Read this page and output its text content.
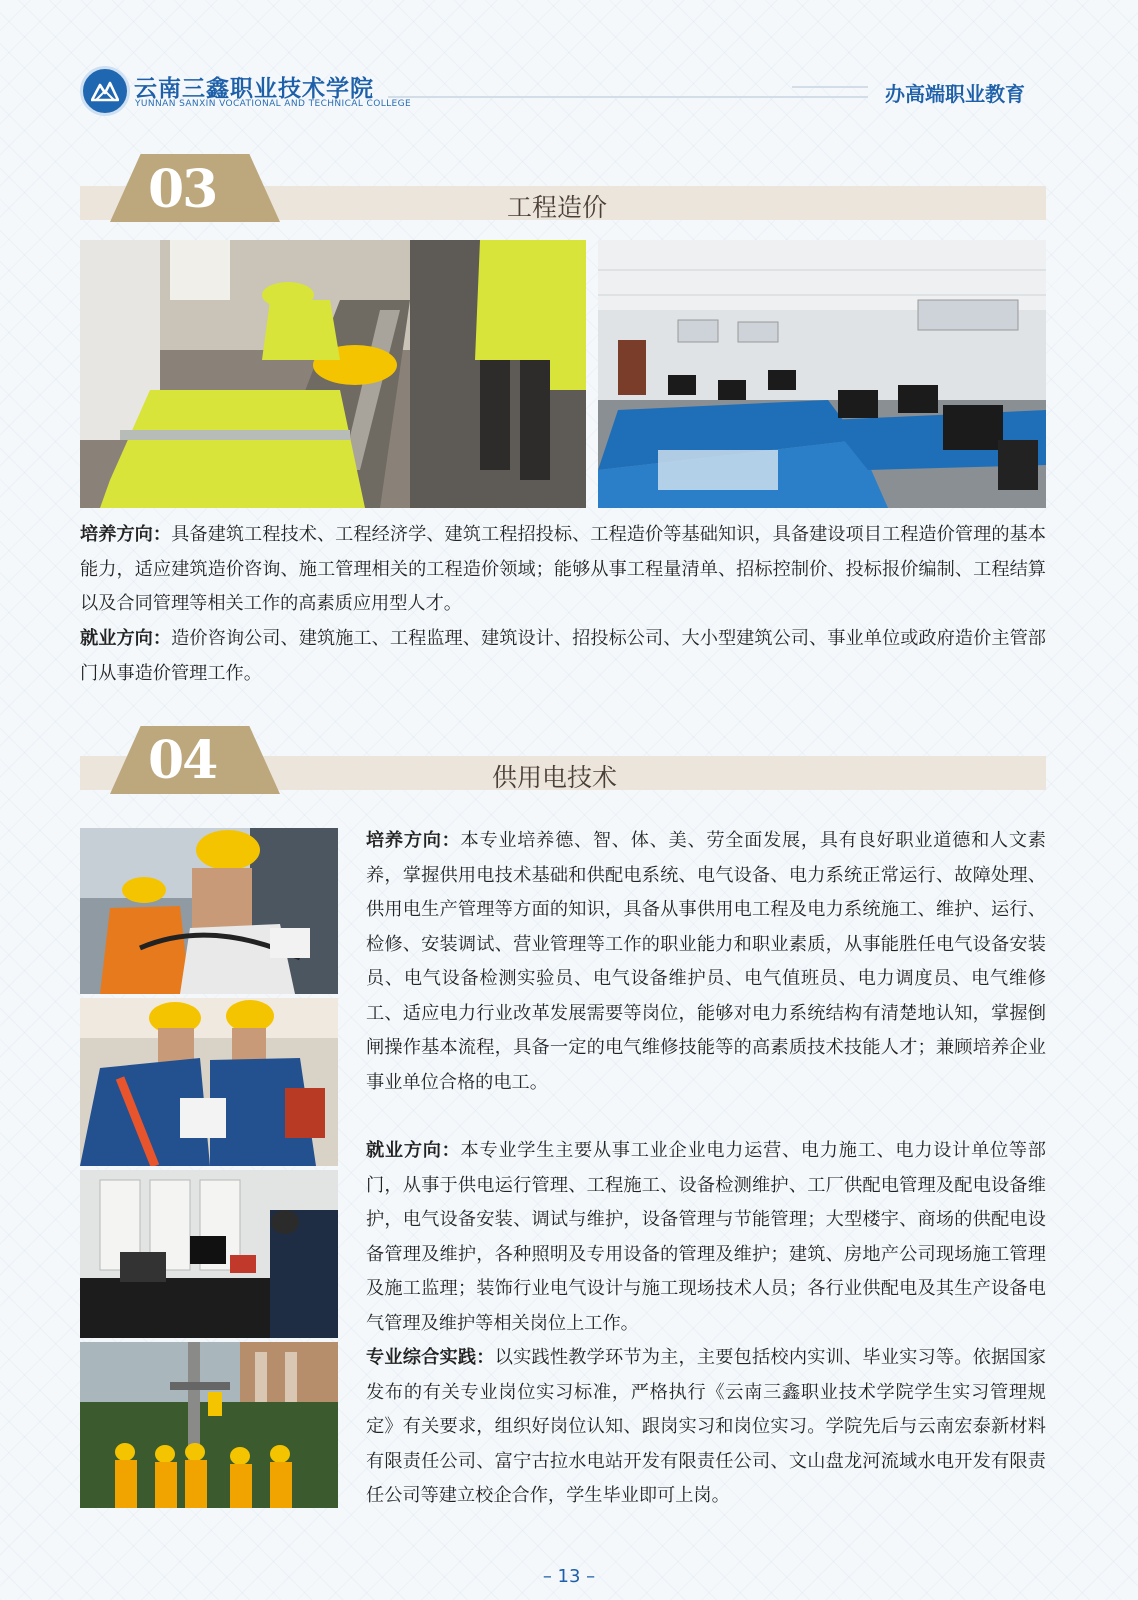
云南三鑫职业技术学院
YUNNAN SANXIN VOCATIONAL AND TECHNICAL COLLEGE	办高端职业教育
03	工程造价
培养方向：具备建筑工程技术、工程经济学、建筑工程招投标、工程造价等基础知识，具备建设项目工程造价管理的基本能力，适应建筑造价咨询、施工管理相关的工程造价领域；能够从事工程量清单、招标控制价、投标报价编制、工程结算以及合同管理等相关工作的高素质应用型人才。
就业方向：造价咨询公司、建筑施工、工程监理、建筑设计、招投标公司、大小型建筑公司、事业单位或政府造价主管部门从事造价管理工作。
04	供用电技术
培养方向：本专业培养德、智、体、美、劳全面发展，具有良好职业道德和人文素养，掌握供用电技术基础和供配电系统、电气设备、电力系统正常运行、故障处理、供用电生产管理等方面的知识，具备从事供用电工程及电力系统施工、维护、运行、检修、安装调试、营业管理等工作的职业能力和职业素质，从事能胜任电气设备安装员、电气设备检测实验员、电气设备维护员、电气值班员、电力调度员、电气维修工、适应电力行业改革发展需要等岗位，能够对电力系统结构有清楚地认知，掌握倒闸操作基本流程，具备一定的电气维修技能等的高素质技术技能人才；兼顾培养企业事业单位合格的电工。
就业方向：本专业学生主要从事工业企业电力运营、电力施工、电力设计单位等部门，从事于供电运行管理、工程施工、设备检测维护、工厂供配电管理及配电设备维护，电气设备安装、调试与维护，设备管理与节能管理；大型楼宇、商场的供配电设备管理及维护，各种照明及专用设备的管理及维护；建筑、房地产公司现场施工管理及施工监理；装饰行业电气设计与施工现场技术人员；各行业供配电及其生产设备电气管理及维护等相关岗位上工作。
专业综合实践：以实践性教学环节为主，主要包括校内实训、毕业实习等。依据国家发布的有关专业岗位实习标准，严格执行《云南三鑫职业技术学院学生实习管理规定》有关要求，组织好岗位认知、跟岗实习和岗位实习。学院先后与云南宏泰新材料有限责任公司、富宁古拉水电站开发有限责任公司、文山盘龙河流域水电开发有限责任公司等建立校企合作，学生毕业即可上岗。
– 13 –
